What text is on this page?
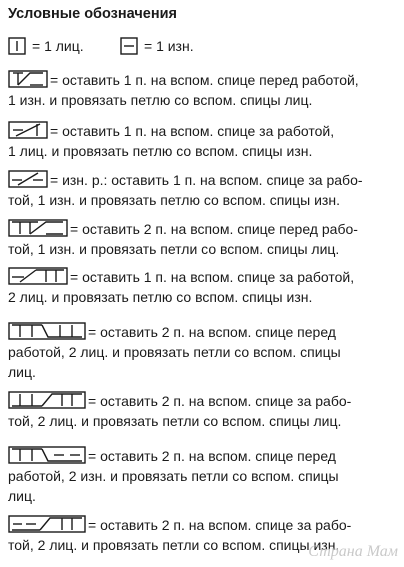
Условные обозначения
= 1 лиц.	= 1 изн.
= оставить 1 п. на вспом. спице перед работой,
1 изн. и провязать петлю со вспом. спицы лиц.
= оставить 1 п. на вспом. спице за работой,
1 лиц. и провязать петлю со вспом. спицы изн.
= изн. р.: оставить 1 п. на вспом. спице за рабо-
той, 1 изн. и провязать петлю со вспом. спицы изн.
= оставить 2 п. на вспом. спице перед рабо-
той, 1 изн. и провязать петли со вспом. спицы лиц.
= оставить 1 п. на вспом. спице за работой,
2 лиц. и провязать петлю со вспом. спицы изн.
= оставить 2 п. на вспом. спице перед
работой, 2 лиц. и провязать петли со вспом. спицы
лиц.
= оставить 2 п. на вспом. спице за рабо-
той, 2 лиц. и провязать петли со вспом. спицы лиц.
= оставить 2 п. на вспом. спице перед
работой, 2 изн. и провязать петли со вспом. спицы
лиц.
= оставить 2 п. на вспом. спице за рабо-
той, 2 лиц. и провязать петли со вспом. спицы изн.
Страна Мам
